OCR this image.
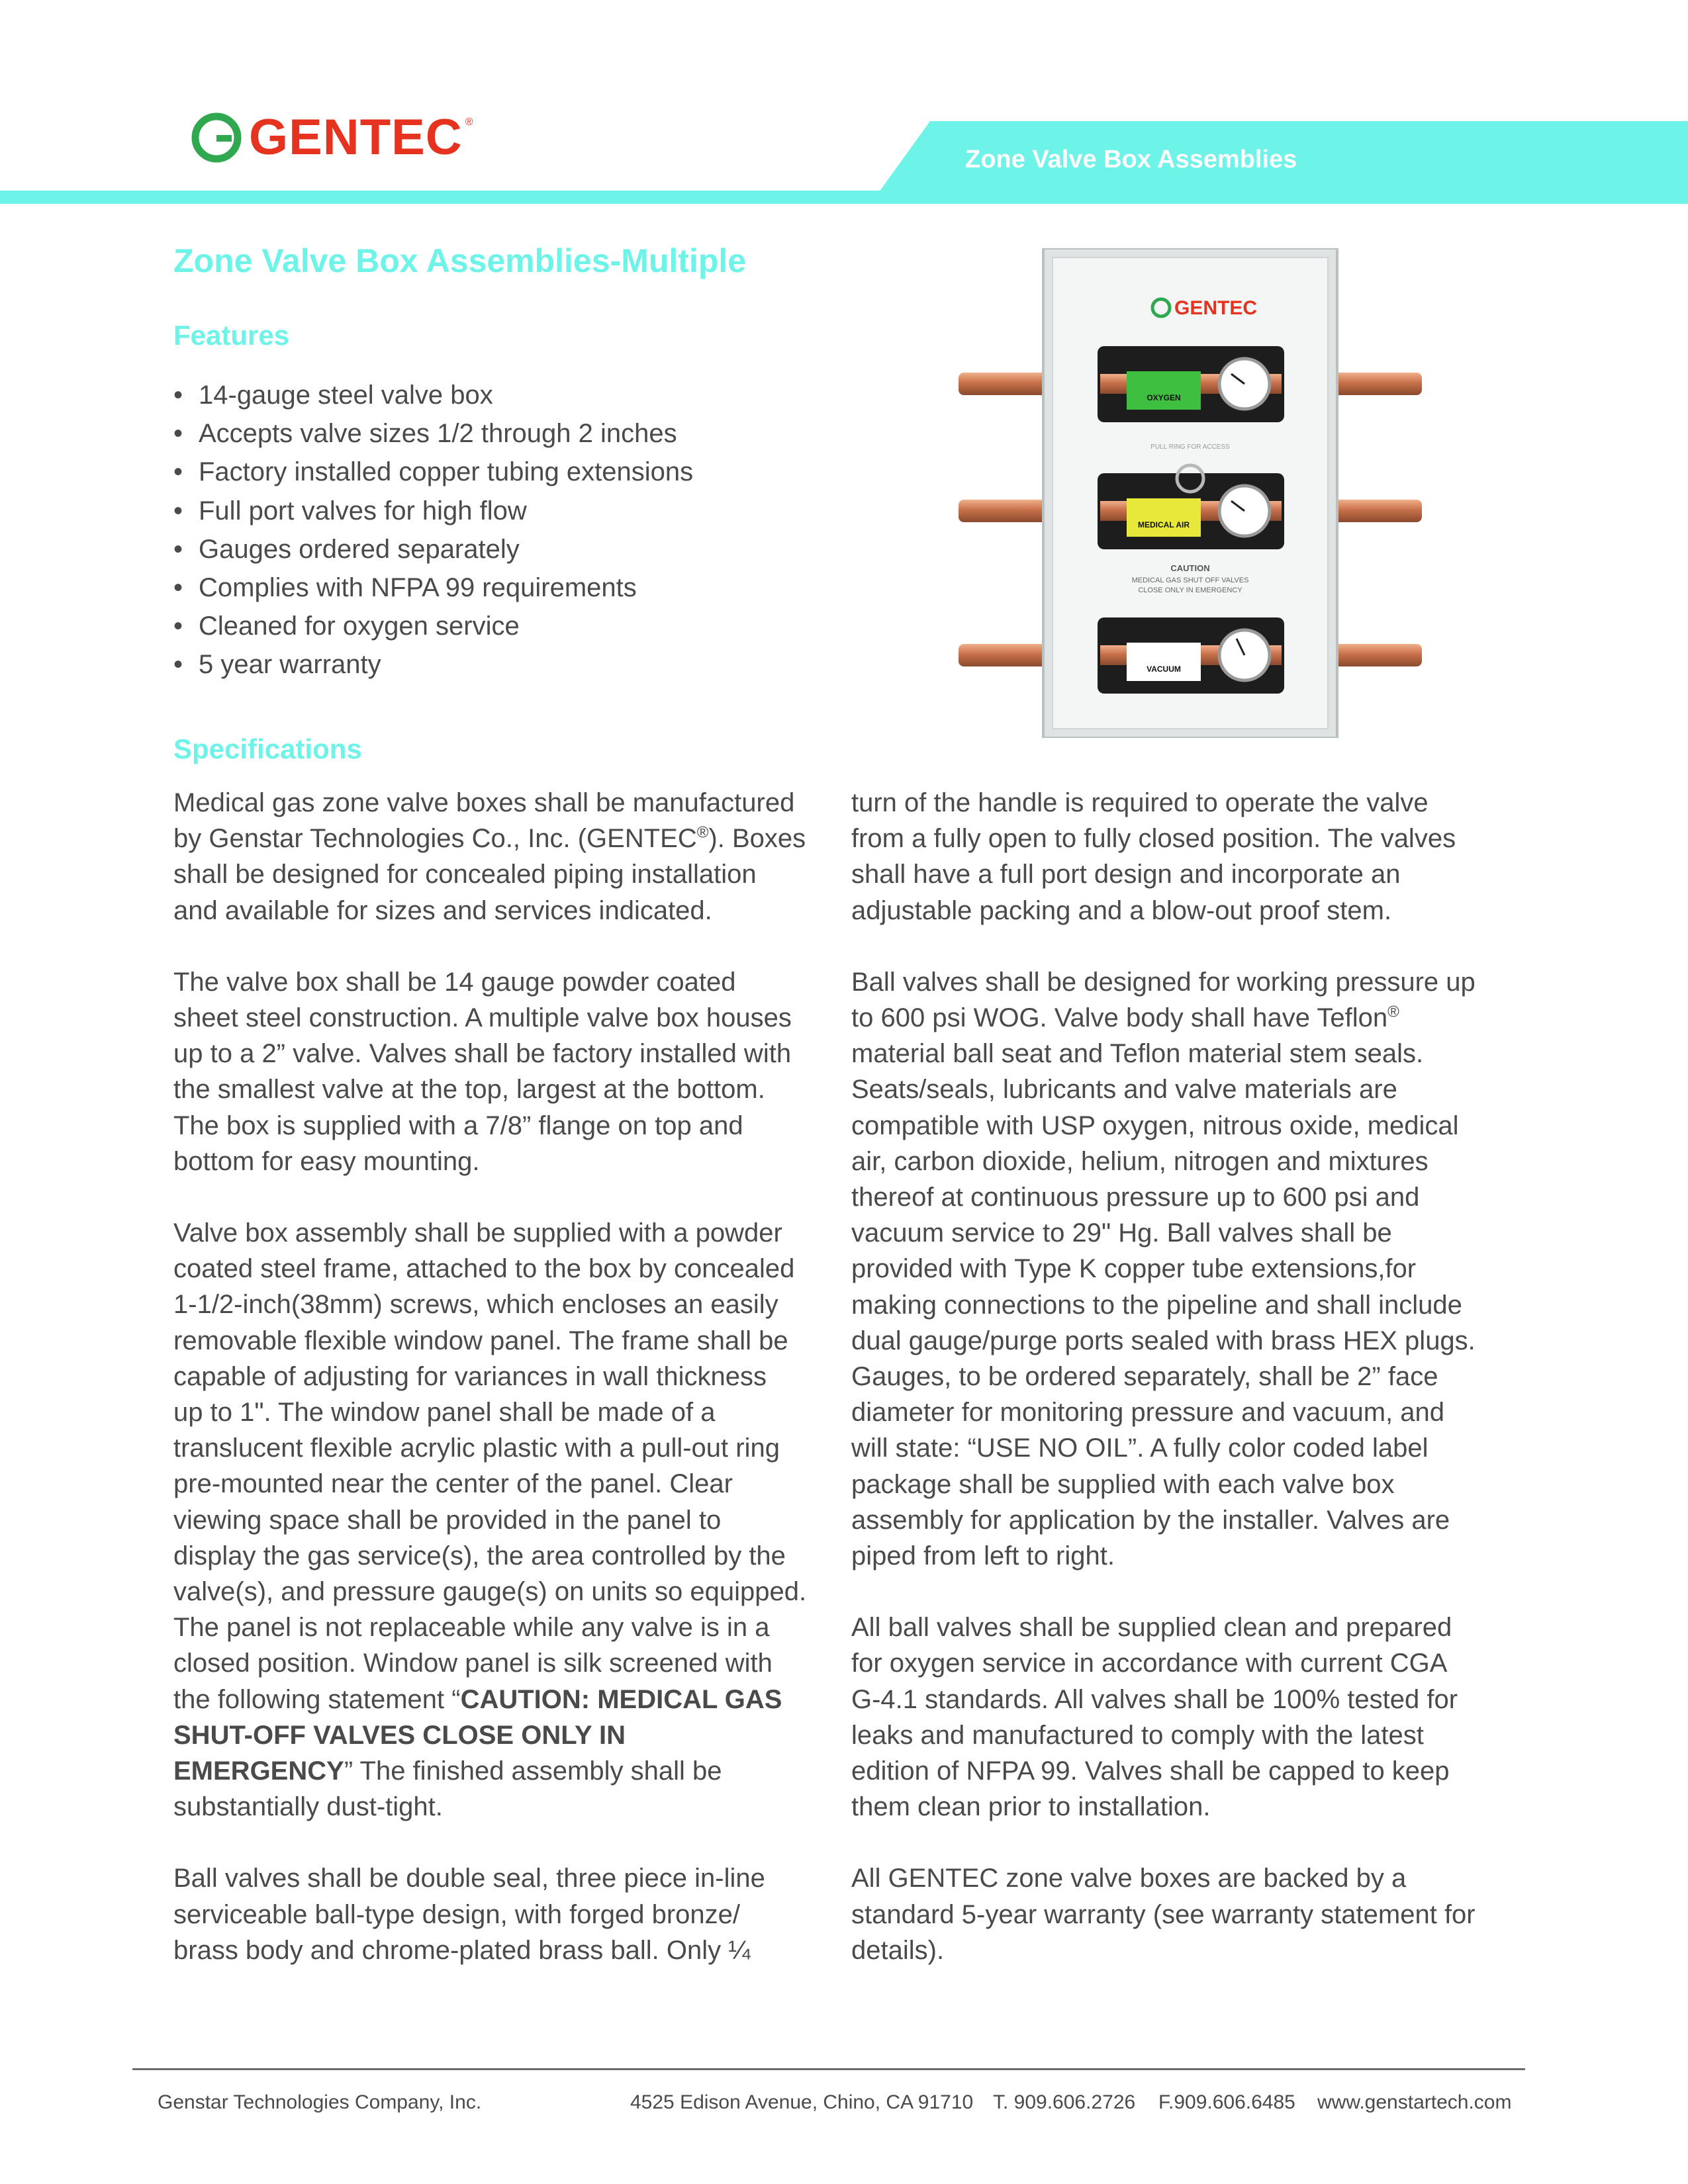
Zone Valve Box Assemblies
GENTEC ®
Zone Valve Box Assemblies-Multiple
Features
• 14-gauge steel valve box
• Accepts valve sizes 1/2 through 2 inches
• Factory installed copper tubing extensions
• Full port valves for high flow
• Gauges ordered separately
• Complies with NFPA 99 requirements
• Cleaned for oxygen service
• 5 year warranty
GENTEC
OXYGEN
MEDICAL AIR
VACUUM
PULL RING FOR ACCESS
CAUTION
MEDICAL GAS SHUT OFF VALVES
CLOSE ONLY IN EMERGENCY
Specifications

Medical gas zone valve boxes shall be manufactured
by Genstar Technologies Co., Inc. (GENTEC®). Boxes
shall be designed for concealed piping installation
and available for sizes and services indicated.

The valve box shall be 14 gauge powder coated
sheet steel construction. A multiple valve box houses
up to a 2” valve. Valves shall be factory installed with
the smallest valve at the top, largest at the bottom.
The box is supplied with a 7/8” flange on top and
bottom for easy mounting.

Valve box assembly shall be supplied with a powder
coated steel frame, attached to the box by concealed
1-1/2-inch(38mm) screws, which encloses an easily
removable flexible window panel. The frame shall be
capable of adjusting for variances in wall thickness
up to 1". The window panel shall be made of a
translucent flexible acrylic plastic with a pull-out ring
pre-mounted near the center of the panel. Clear
viewing space shall be provided in the panel to
display the gas service(s), the area controlled by the
valve(s), and pressure gauge(s) on units so equipped.
The panel is not replaceable while any valve is in a
closed position. Window panel is silk screened with
the following statement “CAUTION: MEDICAL GAS
SHUT-OFF VALVES CLOSE ONLY IN
EMERGENCY” The finished assembly shall be
substantially dust-tight.

Ball valves shall be double seal, three piece in-line
serviceable ball-type design, with forged bronze/
brass body and chrome-plated brass ball. Only ¼

turn of the handle is required to operate the valve
from a fully open to fully closed position. The valves
shall have a full port design and incorporate an
adjustable packing and a blow-out proof stem.

Ball valves shall be designed for working pressure up
to 600 psi WOG. Valve body shall have Teflon®
material ball seat and Teflon material stem seals.
Seats/seals, lubricants and valve materials are
compatible with USP oxygen, nitrous oxide, medical
air, carbon dioxide, helium, nitrogen and mixtures
thereof at continuous pressure up to 600 psi and
vacuum service to 29" Hg. Ball valves shall be
provided with Type K copper tube extensions,for
making connections to the pipeline and shall include
dual gauge/purge ports sealed with brass HEX plugs.
Gauges, to be ordered separately, shall be 2” face
diameter for monitoring pressure and vacuum, and
will state: “USE NO OIL”. A fully color coded label
package shall be supplied with each valve box
assembly for application by the installer. Valves are
piped from left to right.

All ball valves shall be supplied clean and prepared
for oxygen service in accordance with current CGA
G-4.1 standards. All valves shall be 100% tested for
leaks and manufactured to comply with the latest
edition of NFPA 99. Valves shall be capped to keep
them clean prior to installation.

All GENTEC zone valve boxes are backed by a
standard 5-year warranty (see warranty statement for
details).

Genstar Technologies Company, Inc.	4525 Edison Avenue, Chino, CA 91710 T. 909.606.2726 F.909.606.6485 www.genstartech.com
